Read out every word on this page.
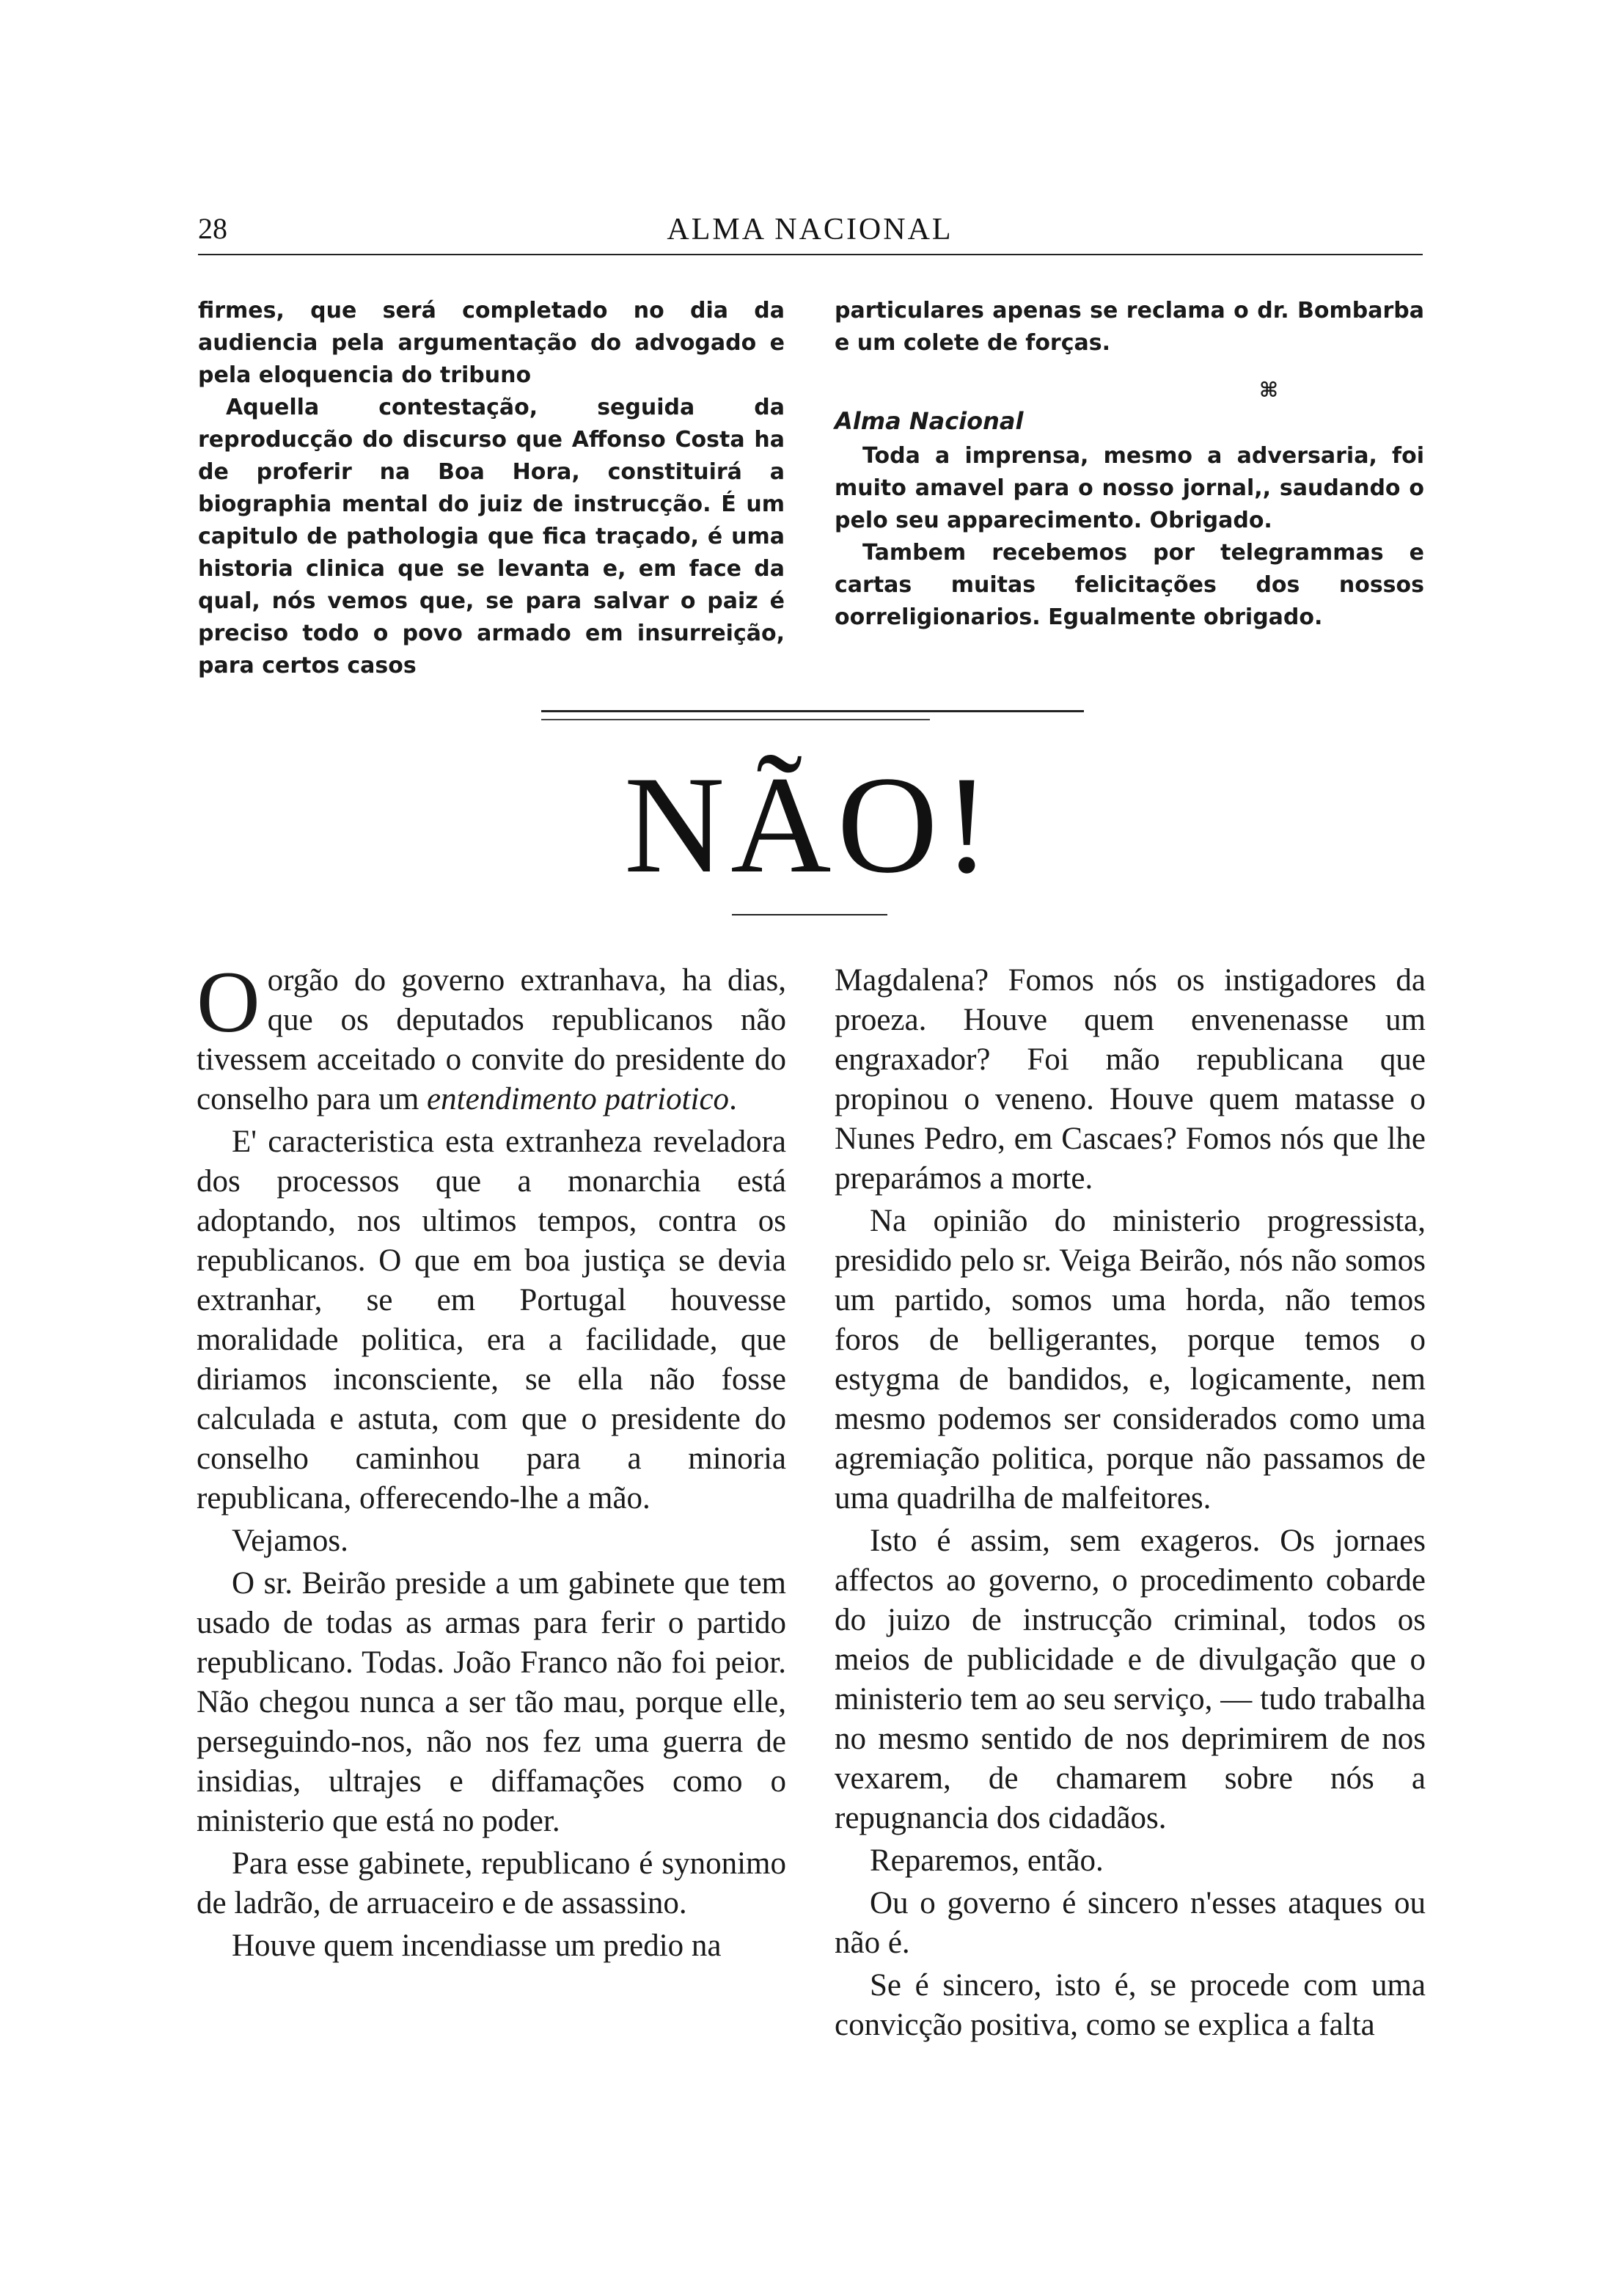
28	ALMA NACIONAL

firmes, que será completado no dia da audiencia pela argumentação do advogado e pela eloquencia do tribuno

Aquella contestação, seguida da reproducção do discurso que Affonso Costa ha de proferir na Boa Hora, constituirá a biographia mental do juiz de instrucção. É um capitulo de pathologia que fica traçado, é uma historia clinica que se levanta e, em face da qual, nós vemos que, se para salvar o paiz é preciso todo o povo armado em insurreição, para certos casos

particulares apenas se reclama o dr. Bombarba e um colete de forças.

⌘
Alma Nacional

Toda a imprensa, mesmo a adversaria, foi muito amavel para o nosso jornal,, saudando o pelo seu apparecimento. Obrigado.

Tambem recebemos por telegrammas e cartas muitas felicitações dos nossos oorreligionarios. Egualmente obrigado.

NÃO!

Oorgão do governo extranhava, ha dias, que os deputados republicanos não tivessem acceitado o convite do presidente do conselho para um entendimento patriotico.

E' caracteristica esta extranheza reveladora dos processos que a monarchia está adoptando, nos ultimos tempos, contra os republicanos. O que em boa justiça se devia extranhar, se em Portugal houvesse moralidade politica, era a facilidade, que diriamos inconsciente, se ella não fosse calculada e astuta, com que o presidente do conselho caminhou para a minoria republicana, offerecendo-lhe a mão.

Vejamos.

O sr. Beirão preside a um gabinete que tem usado de todas as armas para ferir o partido republicano. Todas. João Franco não foi peior. Não chegou nunca a ser tão mau, porque elle, perseguindo-nos, não nos fez uma guerra de insidias, ultrajes e diffamações como o ministerio que está no poder.

Para esse gabinete, republicano é synonimo de ladrão, de arruaceiro e de assassino.

Houve quem incendiasse um predio na

Magdalena? Fomos nós os instigadores da proeza. Houve quem envenenasse um engraxador? Foi mão republicana que propinou o veneno. Houve quem matasse o Nunes Pedro, em Cascaes? Fomos nós que lhe preparámos a morte.

Na opinião do ministerio progressista, presidido pelo sr. Veiga Beirão, nós não somos um partido, somos uma horda, não temos foros de belligerantes, porque temos o estygma de bandidos, e, logicamente, nem mesmo podemos ser considerados como uma agremiação politica, porque não passamos de uma quadrilha de malfeitores.

Isto é assim, sem exageros. Os jornaes affectos ao governo, o procedimento cobarde do juizo de instrucção criminal, todos os meios de publicidade e de divulgação que o ministerio tem ao seu serviço, — tudo trabalha no mesmo sentido de nos deprimirem de nos vexarem, de chamarem sobre nós a repugnancia dos cidadãos.

Reparemos, então.

Ou o governo é sincero n'esses ataques ou não é.

Se é sincero, isto é, se procede com uma convicção positiva, como se explica a falta
